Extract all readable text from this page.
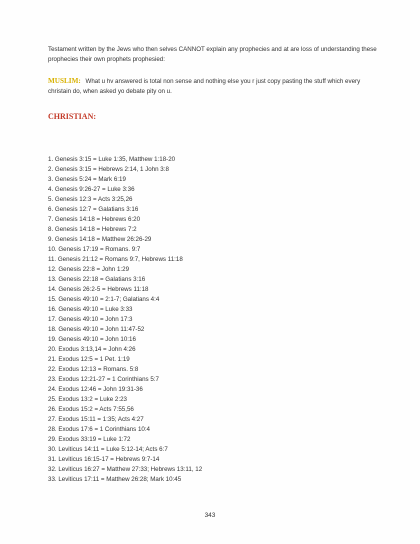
Testament written by the Jews who then selves CANNOT explain any prophecies and at are loss of understanding these prophecies their own prophets prophesied:
MUSLIM: What u hv answered is total non sense and nothing else you r just copy pasting the stuff which every christain do, when asked yo debate pity on u.
CHRISTIAN:
1. Genesis 3:15 = Luke 1:35, Matthew 1:18-20
2. Genesis 3:15 = Hebrews 2:14, 1 John 3:8
3. Genesis 5:24 = Mark 6:19
4. Genesis 9:26-27 = Luke 3:36
5. Genesis 12:3 = Acts 3:25,26
6. Genesis 12:7 = Galatians 3:16
7. Genesis 14:18 = Hebrews 6:20
8. Genesis 14:18 = Hebrews 7:2
9. Genesis 14:18 = Matthew 26:26-29
10. Genesis 17:19 = Romans. 9:7
11. Genesis 21:12 = Romans 9:7, Hebrews 11:18
12. Genesis 22:8 = John 1:29
13. Genesis 22:18 = Galatians 3:16
14. Genesis 26:2-5 = Hebrews 11:18
15. Genesis 49:10 = 2:1-7; Galatians 4:4
16. Genesis 49:10 = Luke 3:33
17. Genesis 49:10 = John 17:3
18. Genesis 49:10 = John 11:47-52
19. Genesis 49:10 = John 10:16
20. Exodus 3:13,14 = John 4:26
21. Exodus 12:5 = 1 Pet. 1:19
22. Exodus 12:13 = Romans. 5:8
23. Exodus 12:21-27 = 1 Corinthians 5:7
24. Exodus 12:46 = John 19:31-36
25. Exodus 13:2 = Luke 2:23
26. Exodus 15:2 = Acts 7:55,56
27. Exodus 15:11 = 1:35; Acts 4:27
28. Exodus 17:6 = 1 Corinthians 10:4
29. Exodus 33:19 = Luke 1:72
30. Leviticus 14:11 = Luke 5:12-14; Acts 6:7
31. Leviticus 16:15-17 = Hebrews 9:7-14
32. Leviticus 16:27 = Matthew 27:33; Hebrews 13:11, 12
33. Leviticus 17:11 = Matthew 26:28; Mark 10:45
343
